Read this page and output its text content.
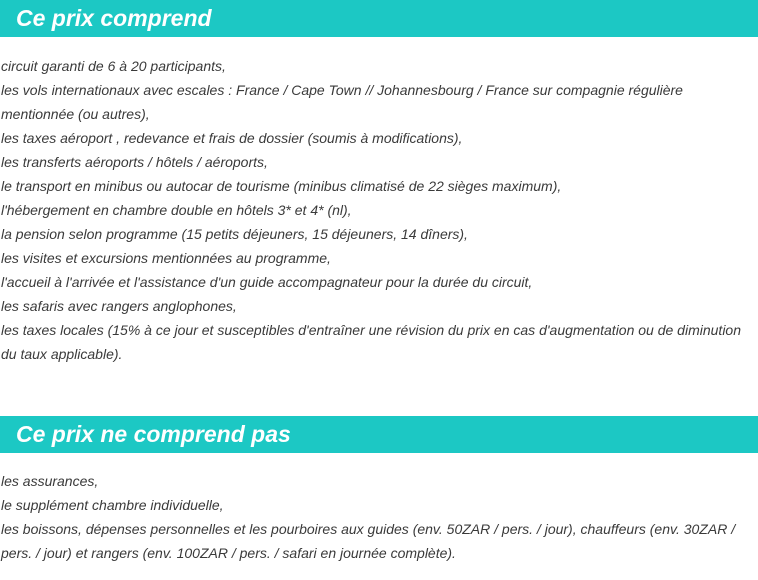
Ce prix comprend
circuit garanti de 6 à 20 participants,
les vols internationaux avec escales : France / Cape Town // Johannesbourg / France sur compagnie régulière mentionnée (ou autres),
les taxes aéroport , redevance et frais de dossier (soumis à modifications),
les transferts aéroports / hôtels / aéroports,
le transport en minibus ou autocar de tourisme (minibus climatisé de 22 sièges maximum),
l'hébergement en chambre double en hôtels 3* et 4* (nl),
la pension selon programme (15 petits déjeuners, 15 déjeuners, 14 dîners),
les visites et excursions mentionnées au programme,
l'accueil à l'arrivée et l'assistance d'un guide accompagnateur pour la durée du circuit,
les safaris avec rangers anglophones,
les taxes locales (15% à ce jour et susceptibles d'entraîner une révision du prix en cas d'augmentation ou de diminution du taux applicable).
Ce prix ne comprend pas
les assurances,
le supplément chambre individuelle,
les boissons, dépenses personnelles et les pourboires aux guides (env. 50ZAR / pers. / jour), chauffeurs (env. 30ZAR / pers. / jour) et rangers (env. 100ZAR / pers. / safari en journée complète).
